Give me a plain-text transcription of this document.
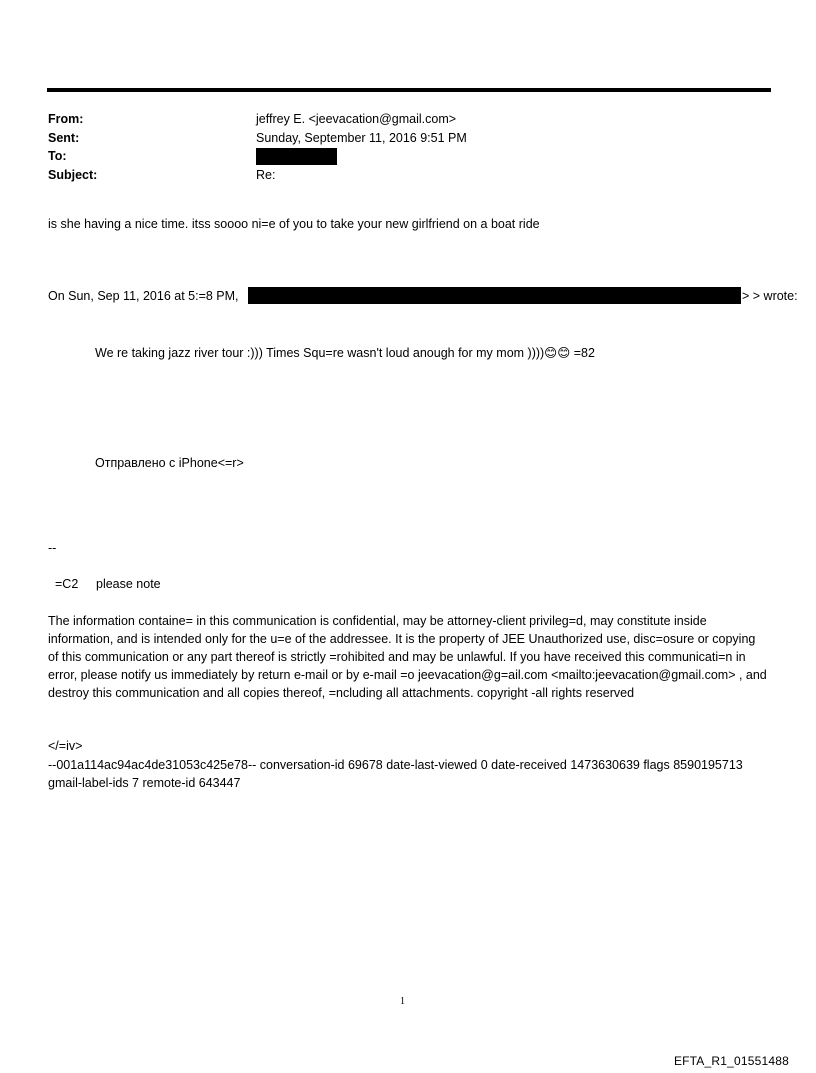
From:	jeffrey E. <jeevacation@gmail.com>
Sent:	Sunday, September 11, 2016 9:51 PM
To:
Subject:	Re:
is she having a nice time. itss soooo ni=e of you to take your new girlfriend on a boat ride
On Sun, Sep 11, 2016 at 5:=8 PM,	> > wrote:
We re taking jazz river tour :))) Times Squ=re wasn't loud anough for my mom ))))😊😊 =82
Отправлено с iPhone<=r>
--
=C2 please note
The information containe= in this communication is confidential, may be attorney-client privileg=d, may constitute inside information, and is intended only for the u=e of the addressee. It is the property of JEE Unauthorized use, disc=osure or copying of this communication or any part thereof is strictly =rohibited and may be unlawful. If you have received this communicati=n in error, please notify us immediately by return e-mail or by e-mail =o jeevacation@g=ail.com <mailto:jeevacation@gmail.com> , and destroy this communication and all copies thereof, =ncluding all attachments. copyright -all rights reserved
</=iv>
--001a114ac94ac4de31053c425e78-- conversation-id 69678 date-last-viewed 0 date-received 1473630639 flags 8590195713 gmail-label-ids 7 remote-id 643447
1
EFTA_R1_01551488
